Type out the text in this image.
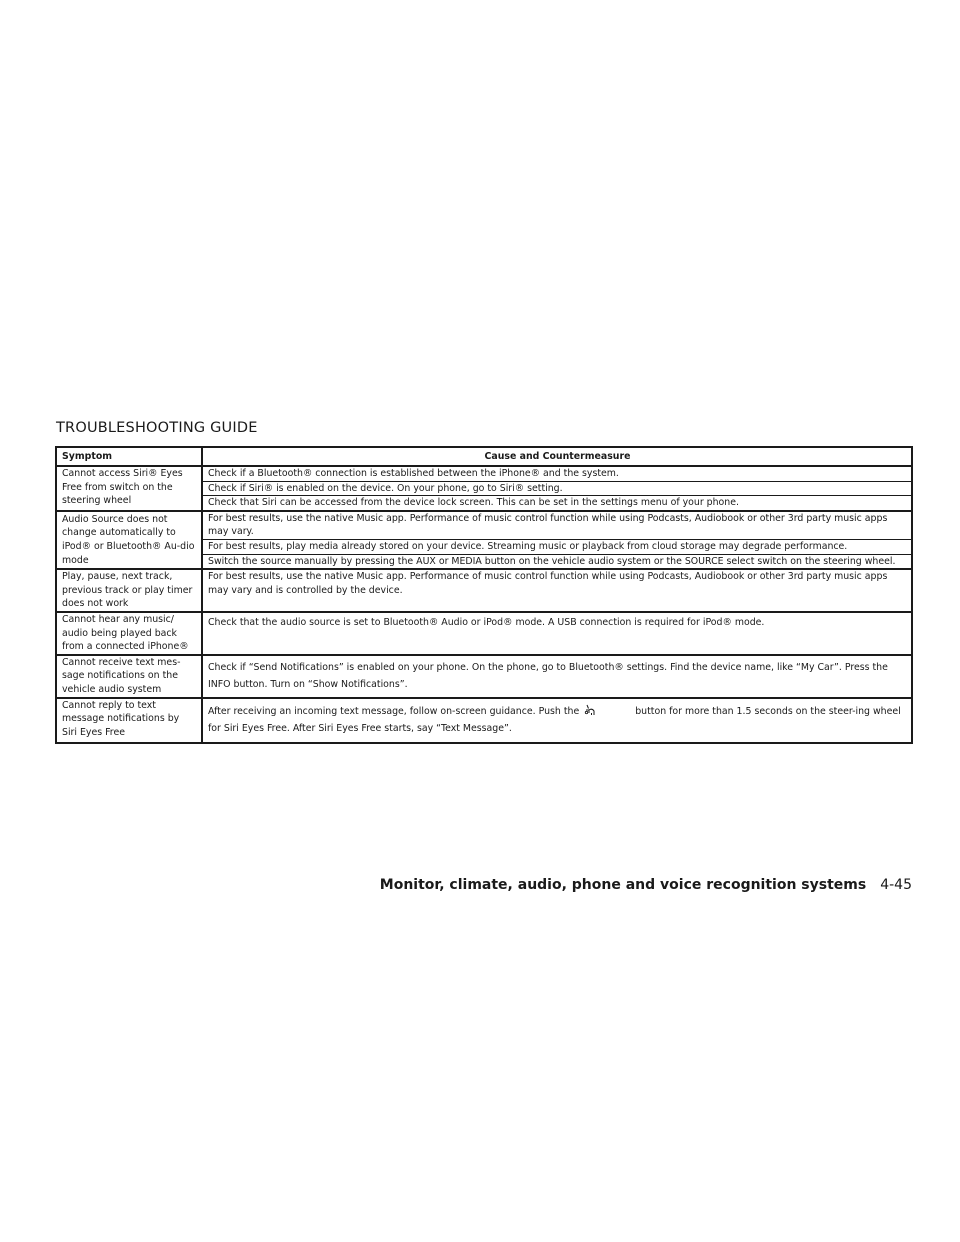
TROUBLESHOOTING GUIDE
Symptom	Cause and Countermeasure
Cannot access Siri® Eyes Free from switch on the steering wheel	Check if a Bluetooth® connection is established between the iPhone® and the system.
	Check if Siri® is enabled on the device. On your phone, go to Siri® setting.
	Check that Siri can be accessed from the device lock screen. This can be set in the settings menu of your phone.
Audio Source does not change automatically to iPod® or Bluetooth® Au-dio mode	For best results, use the native Music app. Performance of music control function while using Podcasts, Audiobook or other 3rd party music apps may vary.
	For best results, play media already stored on your device. Streaming music or playback from cloud storage may degrade performance.
	Switch the source manually by pressing the AUX or MEDIA button on the vehicle audio system or the SOURCE select switch on the steering wheel.
Play, pause, next track, previous track or play timer does not work	For best results, use the native Music app. Performance of music control function while using Podcasts, Audiobook or other 3rd party music apps may vary and is controlled by the device.
Cannot hear any music/ audio being played back from a connected iPhone®	Check that the audio source is set to Bluetooth® Audio or iPod® mode. A USB connection is required for iPod® mode.
Cannot receive text mes-sage notifications on the vehicle audio system	Check if “Send Notifications” is enabled on your phone. On the phone, go to Bluetooth® settings. Find the device name, like “My Car”. Press the INFO button. Turn on “Show Notifications”.
Cannot reply to text message notifications by Siri Eyes Free	After receiving an incoming text message, follow on-screen guidance. Push the button for more than 1.5 seconds on the steer-ing wheel for Siri Eyes Free. After Siri Eyes Free starts, say “Text Message”.
Monitor, climate, audio, phone and voice recognition systems 4-45
